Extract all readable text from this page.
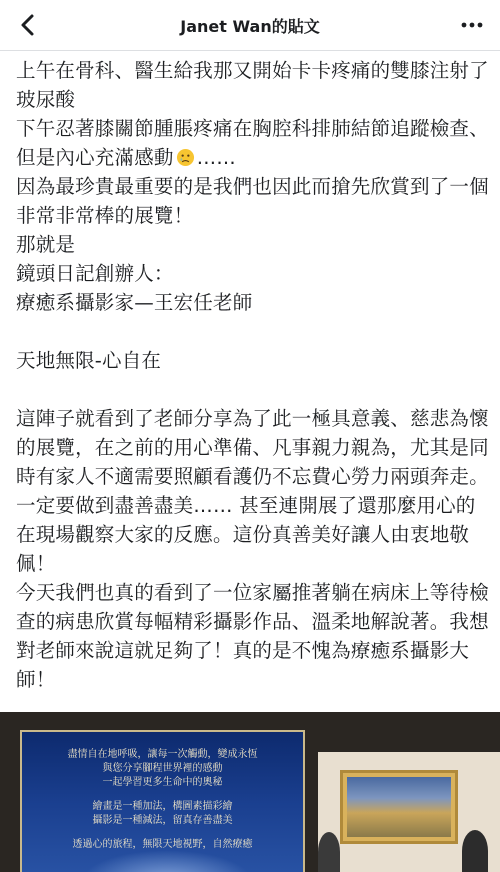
Janet Wan的貼文

上午在骨科、醫生給我那又開始卡卡疼痛的雙膝注射了玻尿酸

下午忍著膝關節腫脹疼痛在胸腔科排肺結節追蹤檢查、但是內心充滿感動 ……

因為最珍貴最重要的是我們也因此而搶先欣賞到了一個非常非常棒的展覽！

那就是

鏡頭日記創辦人：

療癒系攝影家—王宏任老師

天地無限-心自在

這陣子就看到了老師分享為了此一極具意義、慈悲為懷的展覽，在之前的用心準備、凡事親力親為，尤其是同時有家人不適需要照顧看護仍不忘費心勞力兩頭奔走。一定要做到盡善盡美…… 甚至連開展了還那麼用心的在現場觀察大家的反應。這份真善美好讓人由衷地敬佩！

今天我們也真的看到了一位家屬推著躺在病床上等待檢查的病患欣賞每幅精彩攝影作品、溫柔地解說著。我想對老師來說這就足夠了！真的是不愧為療癒系攝影大師！

盡情自在地呼吸，讓每一次觸動，變成永恆
與您分享腳程世界裡的感動
一起學習更多生命中的奧秘
繪畫是一種加法，構圖素描彩繪
攝影是一種減法，留真存善盡美
透過心的旅程，無限天地視野，自然療癒
